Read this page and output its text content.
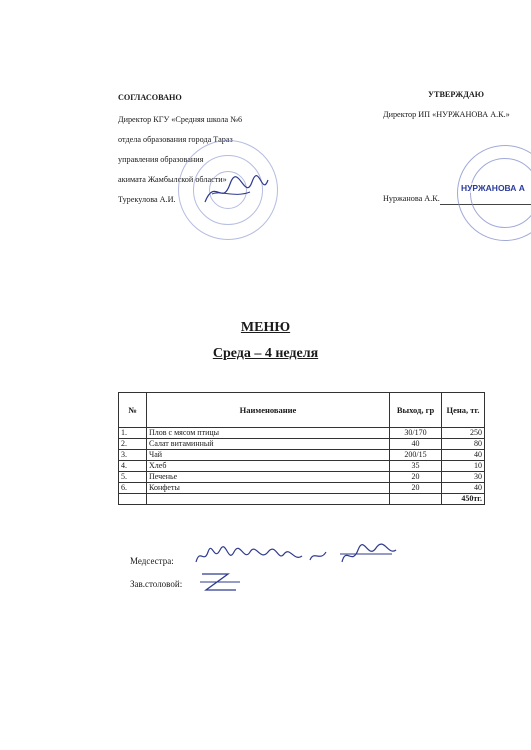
СОГЛАСОВАНО
Директор КГУ «Средняя школа №6
отдела образования города Тараз
управления образования
акимата Жамбылской области»
Турекулова А.И.
УТВЕРЖДАЮ
Директор ИП «НУРЖАНОВА А.К.»
Нуржанова А.К.
НУРЖАНОВА А
МЕНЮ
Среда – 4 неделя
№	Наименование	Выход, гр	Цена, тг.
1.	Плов с мясом птицы	30/170	250
2.	Салат витаминный	40	80
3.	Чай	200/15	40
4.	Хлеб	35	10
5.	Печенье	20	30
6.	Конфеты	20	40
			450тг.
Медсестра:
Зав.столовой:
